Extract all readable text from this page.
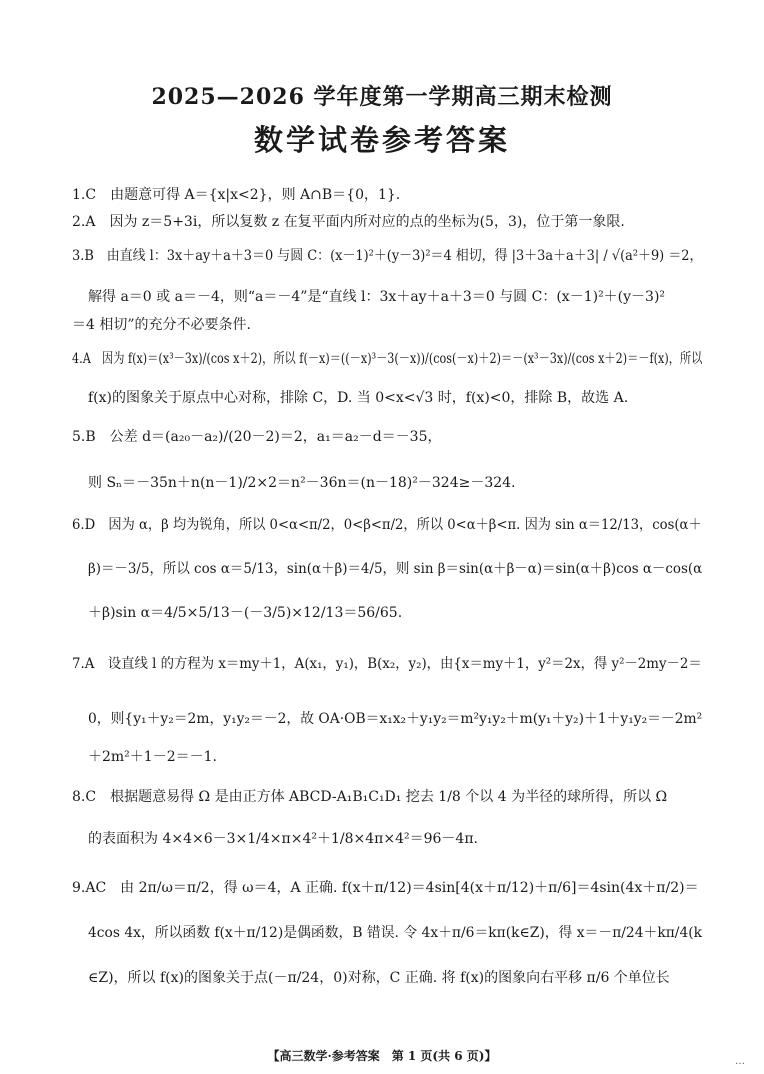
2025—2026 学年度第一学期高三期末检测
数学试卷参考答案
1.C　由题意可得 A＝{x|x<2}，则 A∩B＝{0，1}.
2.A　因为 z＝5+3i，所以复数 z 在复平面内所对应的点的坐标为(5，3)，位于第一象限.
3.B　由直线 l：3x＋ay＋a＋3＝0 与圆 C：(x－1)²＋(y－3)²＝4 相切，得 |3＋3a＋a＋3| / √(a²＋9) ＝2，
解得 a＝0 或 a＝－4，则“a＝－4”是“直线 l：3x＋ay＋a＋3＝0 与圆 C：(x－1)²＋(y－3)²
＝4 相切”的充分不必要条件.
4.A　因为 f(x)＝(x³－3x)/(cos x＋2)，所以 f(－x)＝((－x)³－3(－x))/(cos(－x)＋2)＝－(x³－3x)/(cos x＋2)＝－f(x)，所以
f(x)的图象关于原点中心对称，排除 C，D. 当 0<x<√3 时，f(x)<0，排除 B，故选 A.
5.B　公差 d＝(a₂₀－a₂)/(20－2)＝2，a₁＝a₂－d＝－35，
则 Sₙ＝－35n＋n(n－1)/2×2＝n²－36n＝(n－18)²－324≥－324.
6.D　因为 α，β 均为锐角，所以 0<α<π/2，0<β<π/2，所以 0<α＋β<π. 因为 sin α＝12/13，cos(α＋
β)＝－3/5，所以 cos α＝5/13，sin(α＋β)＝4/5，则 sin β＝sin(α＋β－α)＝sin(α＋β)cos α－cos(α
＋β)sin α＝4/5×5/13－(－3/5)×12/13＝56/65.
7.A　设直线 l 的方程为 x＝my＋1，A(x₁，y₁)，B(x₂，y₂)，由{x＝my＋1，y²＝2x，得 y²－2my－2＝
0，则{y₁＋y₂＝2m，y₁y₂＝－2，故 OA·OB＝x₁x₂＋y₁y₂＝m²y₁y₂＋m(y₁＋y₂)＋1＋y₁y₂＝－2m²
＋2m²＋1－2＝－1.
8.C　根据题意易得 Ω 是由正方体 ABCD-A₁B₁C₁D₁ 挖去 1/8 个以 4 为半径的球所得，所以 Ω
的表面积为 4×4×6－3×1/4×π×4²＋1/8×4π×4²＝96－4π.
9.AC　由 2π/ω＝π/2，得 ω＝4，A 正确. f(x＋π/12)＝4sin[4(x＋π/12)＋π/6]＝4sin(4x＋π/2)＝
4cos 4x，所以函数 f(x＋π/12)是偶函数，B 错误. 令 4x＋π/6＝kπ(k∈Z)，得 x＝－π/24＋kπ/4(k
∈Z)，所以 f(x)的图象关于点(－π/24，0)对称，C 正确. 将 f(x)的图象向右平移 π/6 个单位长
【高三数学·参考答案　第 1 页(共 6 页)】	…
